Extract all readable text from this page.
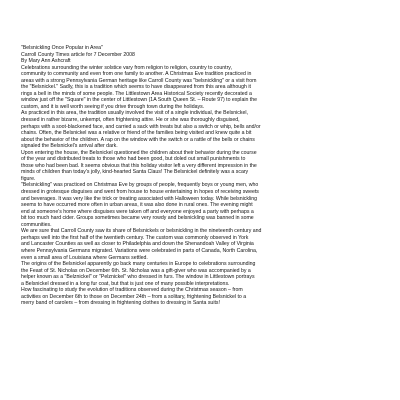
"Belsnickling Once Popular in Area"
Carroll County Times article for 7 December 2008
By Mary Ann Ashcraft
Celebrations surrounding the winter solstice vary from religion to religion, country to country,
community to community and even from one family to another. A Christmas Eve tradition practiced in
areas with a strong Pennsylvania German heritage like Carroll County was "belsnickling" or a visit from
the "Belsnickel." Sadly, this is a tradition which seems to have disappeared from this area although it
rings a bell in the minds of some people. The Littlestown Area Historical Society recently decorated a
window just off the "Square" in the center of Littlestown (1A South Queen St. – Route 97) to explain the
custom, and it is well worth seeing if you drive through town during the holidays.
As practiced in this area, the tradition usually involved the visit of a single individual, the Belsnickel,
dressed in rather bizarre, unkempt, often frightening attire. He or she was thoroughly disguised,
perhaps with a soot-blackened face, and carried a sack with treats but also a switch or whip, bells and/or
chains. Often, the Belsnickel was a relative or friend of the families being visited and knew quite a bit
about the behavior of the children. A rap on the window with the switch or a rattle of the bells or chains
signaled the Belsnickel's arrival after dark.
Upon entering the house, the Belsnickel questioned the children about their behavior during the course
of the year and distributed treats to those who had been good, but doled out small punishments to
those who had been bad. It seems obvious that this holiday visitor left a very different impression in the
minds of children than today's jolly, kind-hearted Santa Claus! The Belsnickel definitely was a scary
figure.
"Belsnickling" was practiced on Christmas Eve by groups of people, frequently boys or young men, who
dressed in grotesque disguises and went from house to house entertaining in hopes of receiving sweets
and beverages. It was very like the trick or treating associated with Halloween today. While belsnickling
seems to have occurred more often in urban areas, it was also done in rural ones. The evening might
end at someone's home where disguises were taken off and everyone enjoyed a party with perhaps a
bit too much hard cider. Groups sometimes became very rowdy and belsnickling was banned in some
communities.
We are sure that Carroll County saw its share of Belsnickels or belsnickling in the nineteenth century and
perhaps well into the first half of the twentieth century. The custom was commonly observed in York
and Lancaster Counties as well as closer to Philadelphia and down the Shenandoah Valley of Virginia
where Pennsylvania Germans migrated. Variations were celebrated in parts of Canada, North Carolina,
even a small area of Louisiana where Germans settled.
The origins of the Belsnickel apparently go back many centuries in Europe to celebrations surrounding
the Feast of St. Nicholas on December 6th. St. Nicholas was a gift-giver who was accompanied by a
helper known as a "Belznickel" or "Pelznickel" who dressed in furs. The window in Littlestown portrays
a Belsnickel dressed in a long fur coat, but that is just one of many possible interpretations.
How fascinating to study the evolution of traditions observed during the Christmas season – from
activities on December 6th to those on December 24th – from a solitary, frightening Belsnickel to a
merry band of carolers – from dressing in frightening clothes to dressing in Santa suits!
